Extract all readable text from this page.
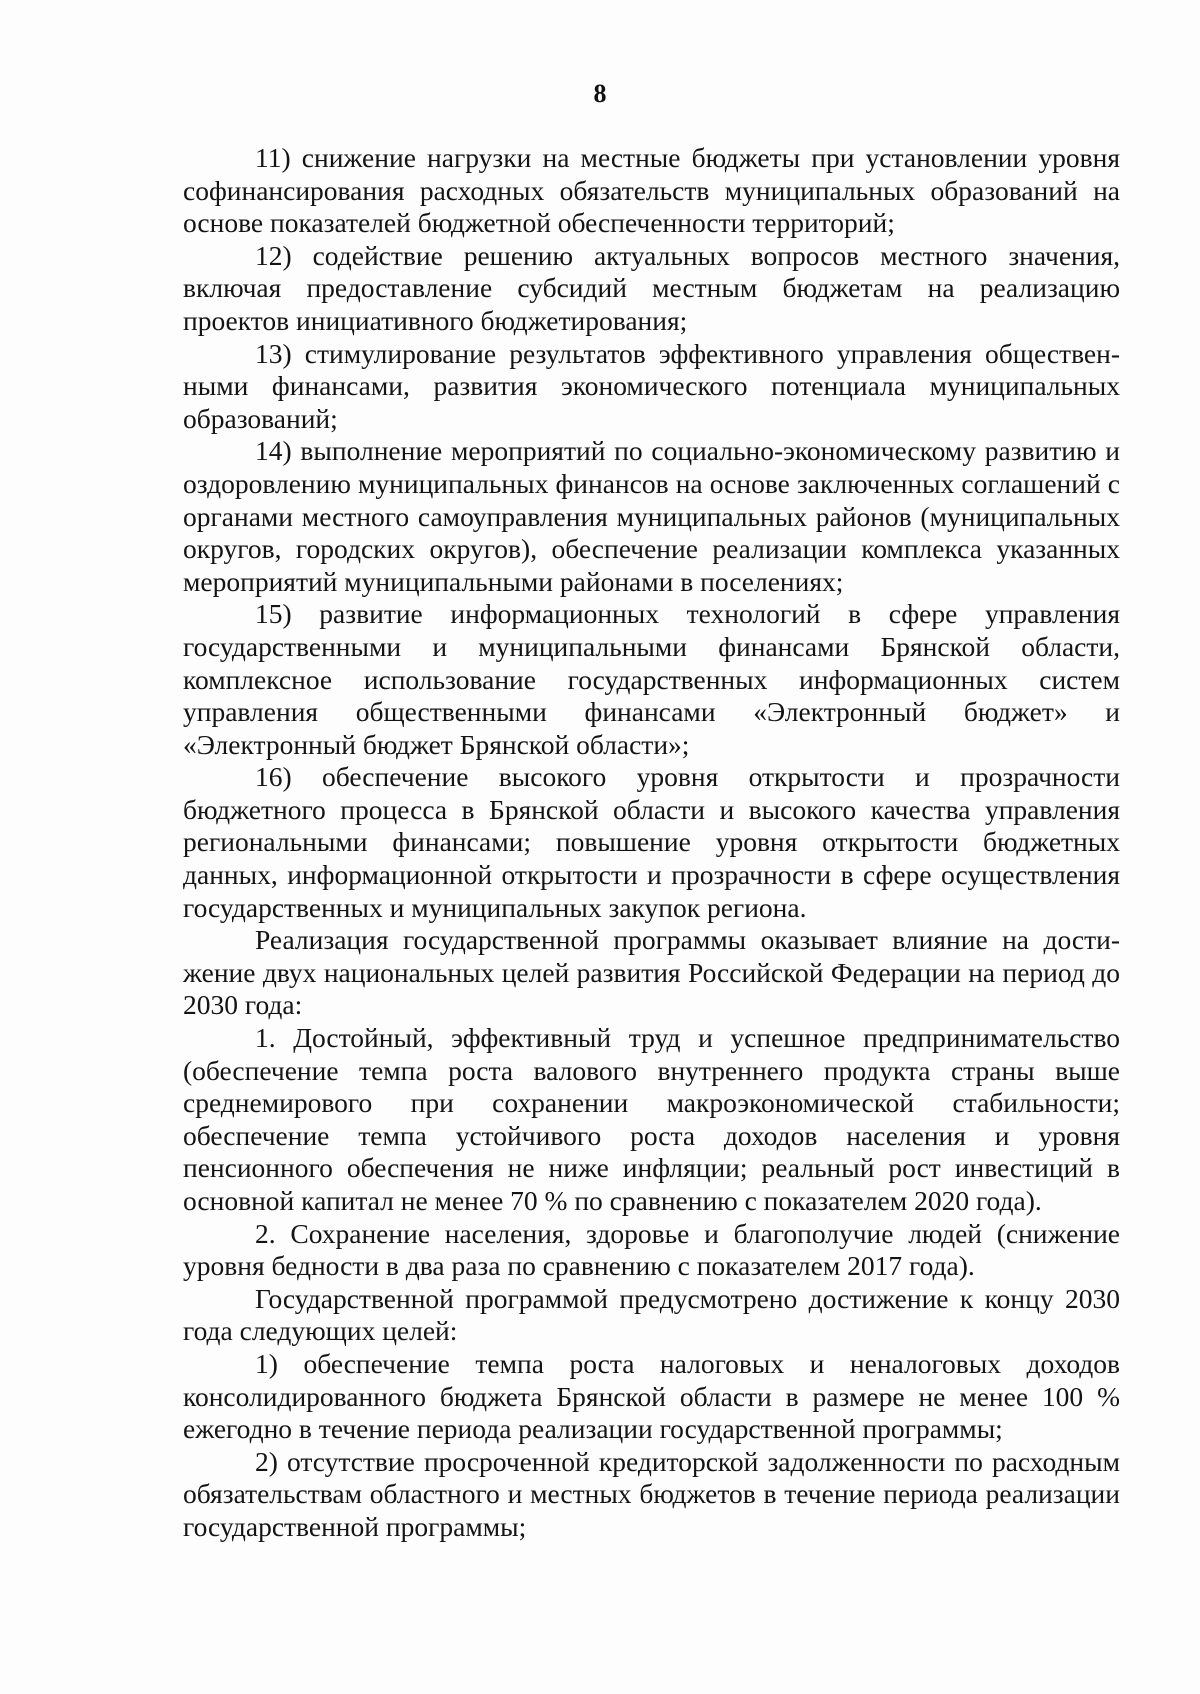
8

11) снижение нагрузки на местные бюджеты при установлении уровня софинансирования расходных обязательств муниципальных образований на основе показателей бюджетной обеспеченности территорий;

12) содействие решению актуальных вопросов местного значения, включая предоставление субсидий местным бюджетам на реализацию проектов инициативного бюджетирования;

13) стимулирование результатов эффективного управления общественными финансами, развития экономического потенциала муниципальных образований;

14) выполнение мероприятий по социально-экономическому развитию и оздоровлению муниципальных финансов на основе заключенных соглашений с органами местного самоуправления муниципальных районов (муниципальных округов, городских округов), обеспечение реализации комплекса указанных мероприятий муниципальными районами в поселениях;

15) развитие информационных технологий в сфере управления государственными и муниципальными финансами Брянской области, комплексное использование государственных информационных систем управления общественными финансами «Электронный бюджет» и «Электронный бюджет Брянской области»;

16) обеспечение высокого уровня открытости и прозрачности бюджетного процесса в Брянской области и высокого качества управления региональными финансами; повышение уровня открытости бюджетных данных, информационной открытости и прозрачности в сфере осуществления государственных и муниципальных закупок региона.

Реализация государственной программы оказывает влияние на достижение двух национальных целей развития Российской Федерации на период до 2030 года:

1. Достойный, эффективный труд и успешное предпринимательство (обеспечение темпа роста валового внутреннего продукта страны выше среднемирового при сохранении макроэкономической стабильности; обеспечение темпа устойчивого роста доходов населения и уровня пенсионного обеспечения не ниже инфляции; реальный рост инвестиций в основной капитал не менее 70 % по сравнению с показателем 2020 года).

2. Сохранение населения, здоровье и благополучие людей (снижение уровня бедности в два раза по сравнению с показателем 2017 года).

Государственной программой предусмотрено достижение к концу 2030 года следующих целей:

1) обеспечение темпа роста налоговых и неналоговых доходов консолидированного бюджета Брянской области в размере не менее 100 % ежегодно в течение периода реализации государственной программы;

2) отсутствие просроченной кредиторской задолженности по расходным обязательствам областного и местных бюджетов в течение периода реализации государственной программы;
